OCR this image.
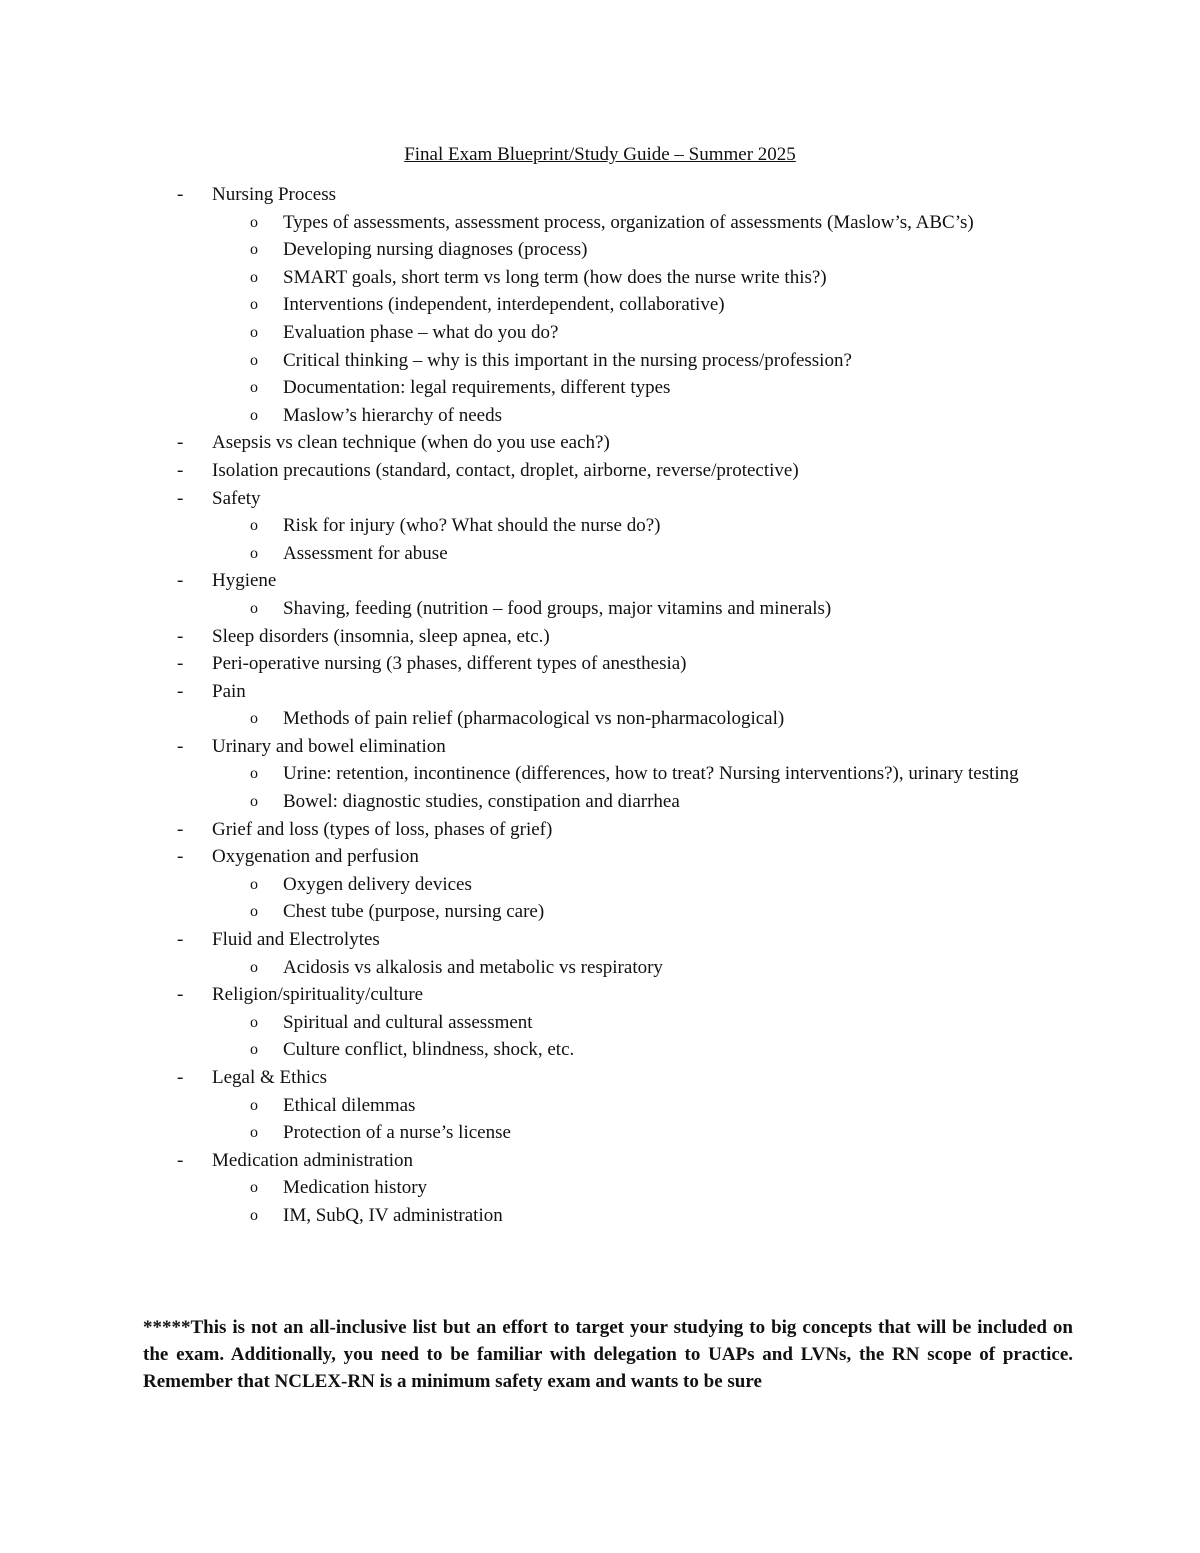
Final Exam Blueprint/Study Guide – Summer 2025
- Nursing Process
o Types of assessments, assessment process, organization of assessments (Maslow’s, ABC’s)
o Developing nursing diagnoses (process)
o SMART goals, short term vs long term (how does the nurse write this?)
o Interventions (independent, interdependent, collaborative)
o Evaluation phase – what do you do?
o Critical thinking – why is this important in the nursing process/profession?
o Documentation: legal requirements, different types
o Maslow’s hierarchy of needs
- Asepsis vs clean technique (when do you use each?)
- Isolation precautions (standard, contact, droplet, airborne, reverse/protective)
- Safety
o Risk for injury (who? What should the nurse do?)
o Assessment for abuse
- Hygiene
o Shaving, feeding (nutrition – food groups, major vitamins and minerals)
- Sleep disorders (insomnia, sleep apnea, etc.)
- Peri-operative nursing (3 phases, different types of anesthesia)
- Pain
o Methods of pain relief (pharmacological vs non-pharmacological)
- Urinary and bowel elimination
o Urine: retention, incontinence (differences, how to treat? Nursing interventions?), urinary testing
o Bowel: diagnostic studies, constipation and diarrhea
- Grief and loss (types of loss, phases of grief)
- Oxygenation and perfusion
o Oxygen delivery devices
o Chest tube (purpose, nursing care)
- Fluid and Electrolytes
o Acidosis vs alkalosis and metabolic vs respiratory
- Religion/spirituality/culture
o Spiritual and cultural assessment
o Culture conflict, blindness, shock, etc.
- Legal & Ethics
o Ethical dilemmas
o Protection of a nurse’s license
- Medication administration
o Medication history
o IM, SubQ, IV administration
*****This is not an all-inclusive list but an effort to target your studying to big concepts that will be included on the exam. Additionally, you need to be familiar with delegation to UAPs and LVNs, the RN scope of practice. Remember that NCLEX-RN is a minimum safety exam and wants to be sure
